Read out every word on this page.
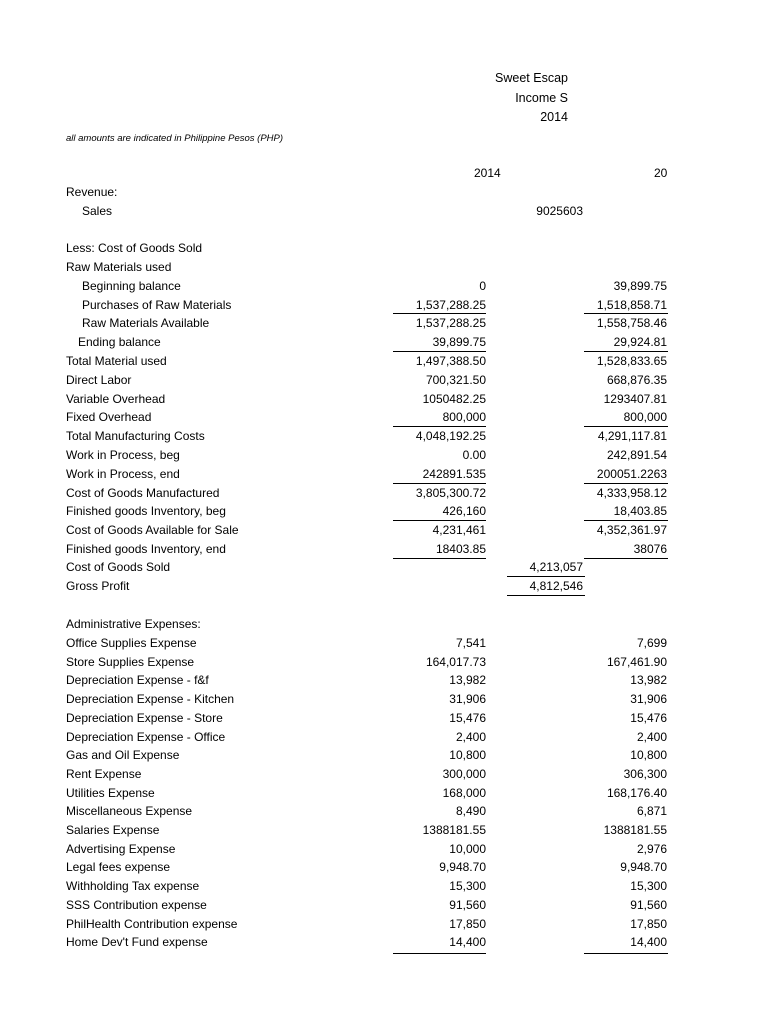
Sweet Escap
Income S
2014
all amounts are indicated in Philippine Pesos (PHP)
2014	20
Revenue:
Sales	9025603
Less: Cost of Goods Sold
Raw Materials used
Beginning balance	0	39,899.75
Purchases of Raw Materials	1,537,288.25	1,518,858.71
Raw Materials Available	1,537,288.25	1,558,758.46
Ending balance	39,899.75	29,924.81
Total Material used	1,497,388.50	1,528,833.65
Direct Labor	700,321.50	668,876.35
Variable Overhead	1050482.25	1293407.81
Fixed Overhead	800,000	800,000
Total Manufacturing Costs	4,048,192.25	4,291,117.81
Work in Process, beg	0.00	242,891.54
Work in Process, end	242891.535	200051.2263
Cost of Goods Manufactured	3,805,300.72	4,333,958.12
Finished goods Inventory, beg	426,160	18,403.85
Cost of Goods Available for Sale	4,231,461	4,352,361.97
Finished goods Inventory, end	18403.85	38076
Cost of Goods Sold	4,213,057
Gross Profit	4,812,546
Administrative Expenses:
Office Supplies Expense	7,541	7,699
Store Supplies Expense	164,017.73	167,461.90
Depreciation Expense - f&f	13,982	13,982
Depreciation Expense - Kitchen	31,906	31,906
Depreciation Expense - Store	15,476	15,476
Depreciation Expense - Office	2,400	2,400
Gas and Oil Expense	10,800	10,800
Rent Expense	300,000	306,300
Utilities Expense	168,000	168,176.40
Miscellaneous Expense	8,490	6,871
Salaries Expense	1388181.55	1388181.55
Advertising Expense	10,000	2,976
Legal fees expense	9,948.70	9,948.70
Withholding Tax expense	15,300	15,300
SSS Contribution expense	91,560	91,560
PhilHealth Contribution expense	17,850	17,850
Home Dev't Fund expense	14,400	14,400
